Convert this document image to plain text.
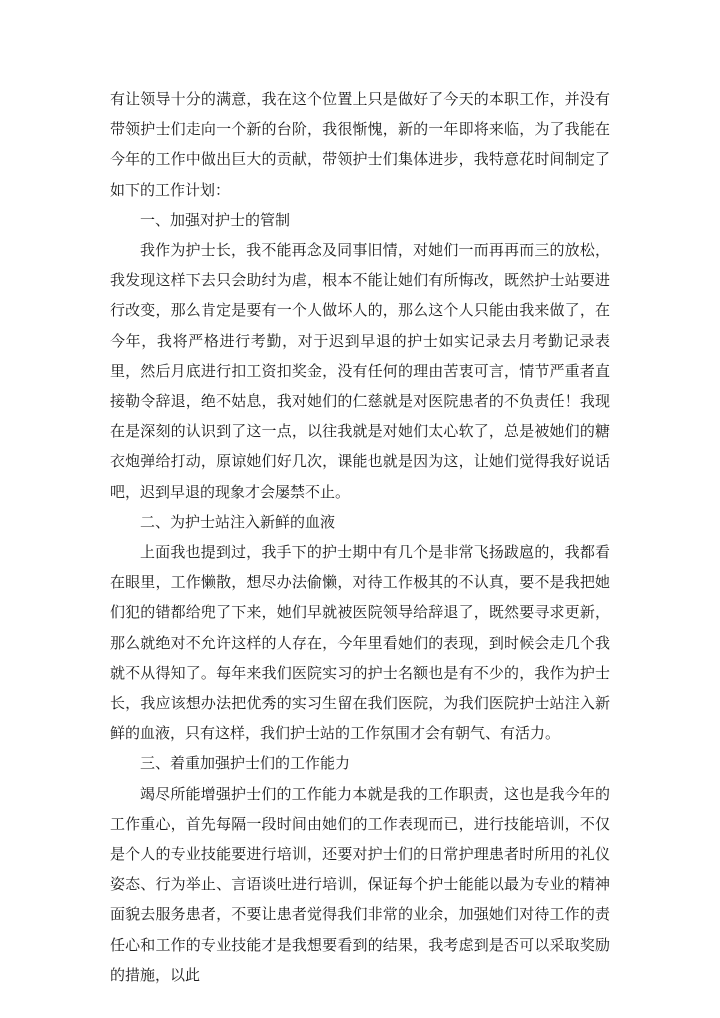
有让领导十分的满意，我在这个位置上只是做好了今天的本职工作，并没有带领护士们走向一个新的台阶，我很惭愧，新的一年即将来临，为了我能在今年的工作中做出巨大的贡献，带领护士们集体进步，我特意花时间制定了如下的工作计划：

一、加强对护士的管制

我作为护士长，我不能再念及同事旧情，对她们一而再再而三的放松，我发现这样下去只会助纣为虐，根本不能让她们有所悔改，既然护士站要进行改变，那么肯定是要有一个人做坏人的，那么这个人只能由我来做了，在今年，我将严格进行考勤，对于迟到早退的护士如实记录去月考勤记录表里，然后月底进行扣工资扣奖金，没有任何的理由苦衷可言，情节严重者直接勒令辞退，绝不姑息，我对她们的仁慈就是对医院患者的不负责任！我现在是深刻的认识到了这一点，以往我就是对她们太心软了，总是被她们的糖衣炮弹给打动，原谅她们好几次，课能也就是因为这，让她们觉得我好说话吧，迟到早退的现象才会屡禁不止。

二、为护士站注入新鲜的血液

上面我也提到过，我手下的护士期中有几个是非常飞扬跋扈的，我都看在眼里，工作懒散，想尽办法偷懒，对待工作极其的不认真，要不是我把她们犯的错都给兜了下来，她们早就被医院领导给辞退了，既然要寻求更新，那么就绝对不允许这样的人存在，今年里看她们的表现，到时候会走几个我就不从得知了。每年来我们医院实习的护士名额也是有不少的，我作为护士长，我应该想办法把优秀的实习生留在我们医院，为我们医院护士站注入新鲜的血液，只有这样，我们护士站的工作氛围才会有朝气、有活力。

三、着重加强护士们的工作能力

竭尽所能增强护士们的工作能力本就是我的工作职责，这也是我今年的工作重心，首先每隔一段时间由她们的工作表现而已，进行技能培训，不仅是个人的专业技能要进行培训，还要对护士们的日常护理患者时所用的礼仪姿态、行为举止、言语谈吐进行培训，保证每个护士能能以最为专业的精神面貌去服务患者，不要让患者觉得我们非常的业余，加强她们对待工作的责任心和工作的专业技能才是我想要看到的结果，我考虑到是否可以采取奖励的措施，以此
